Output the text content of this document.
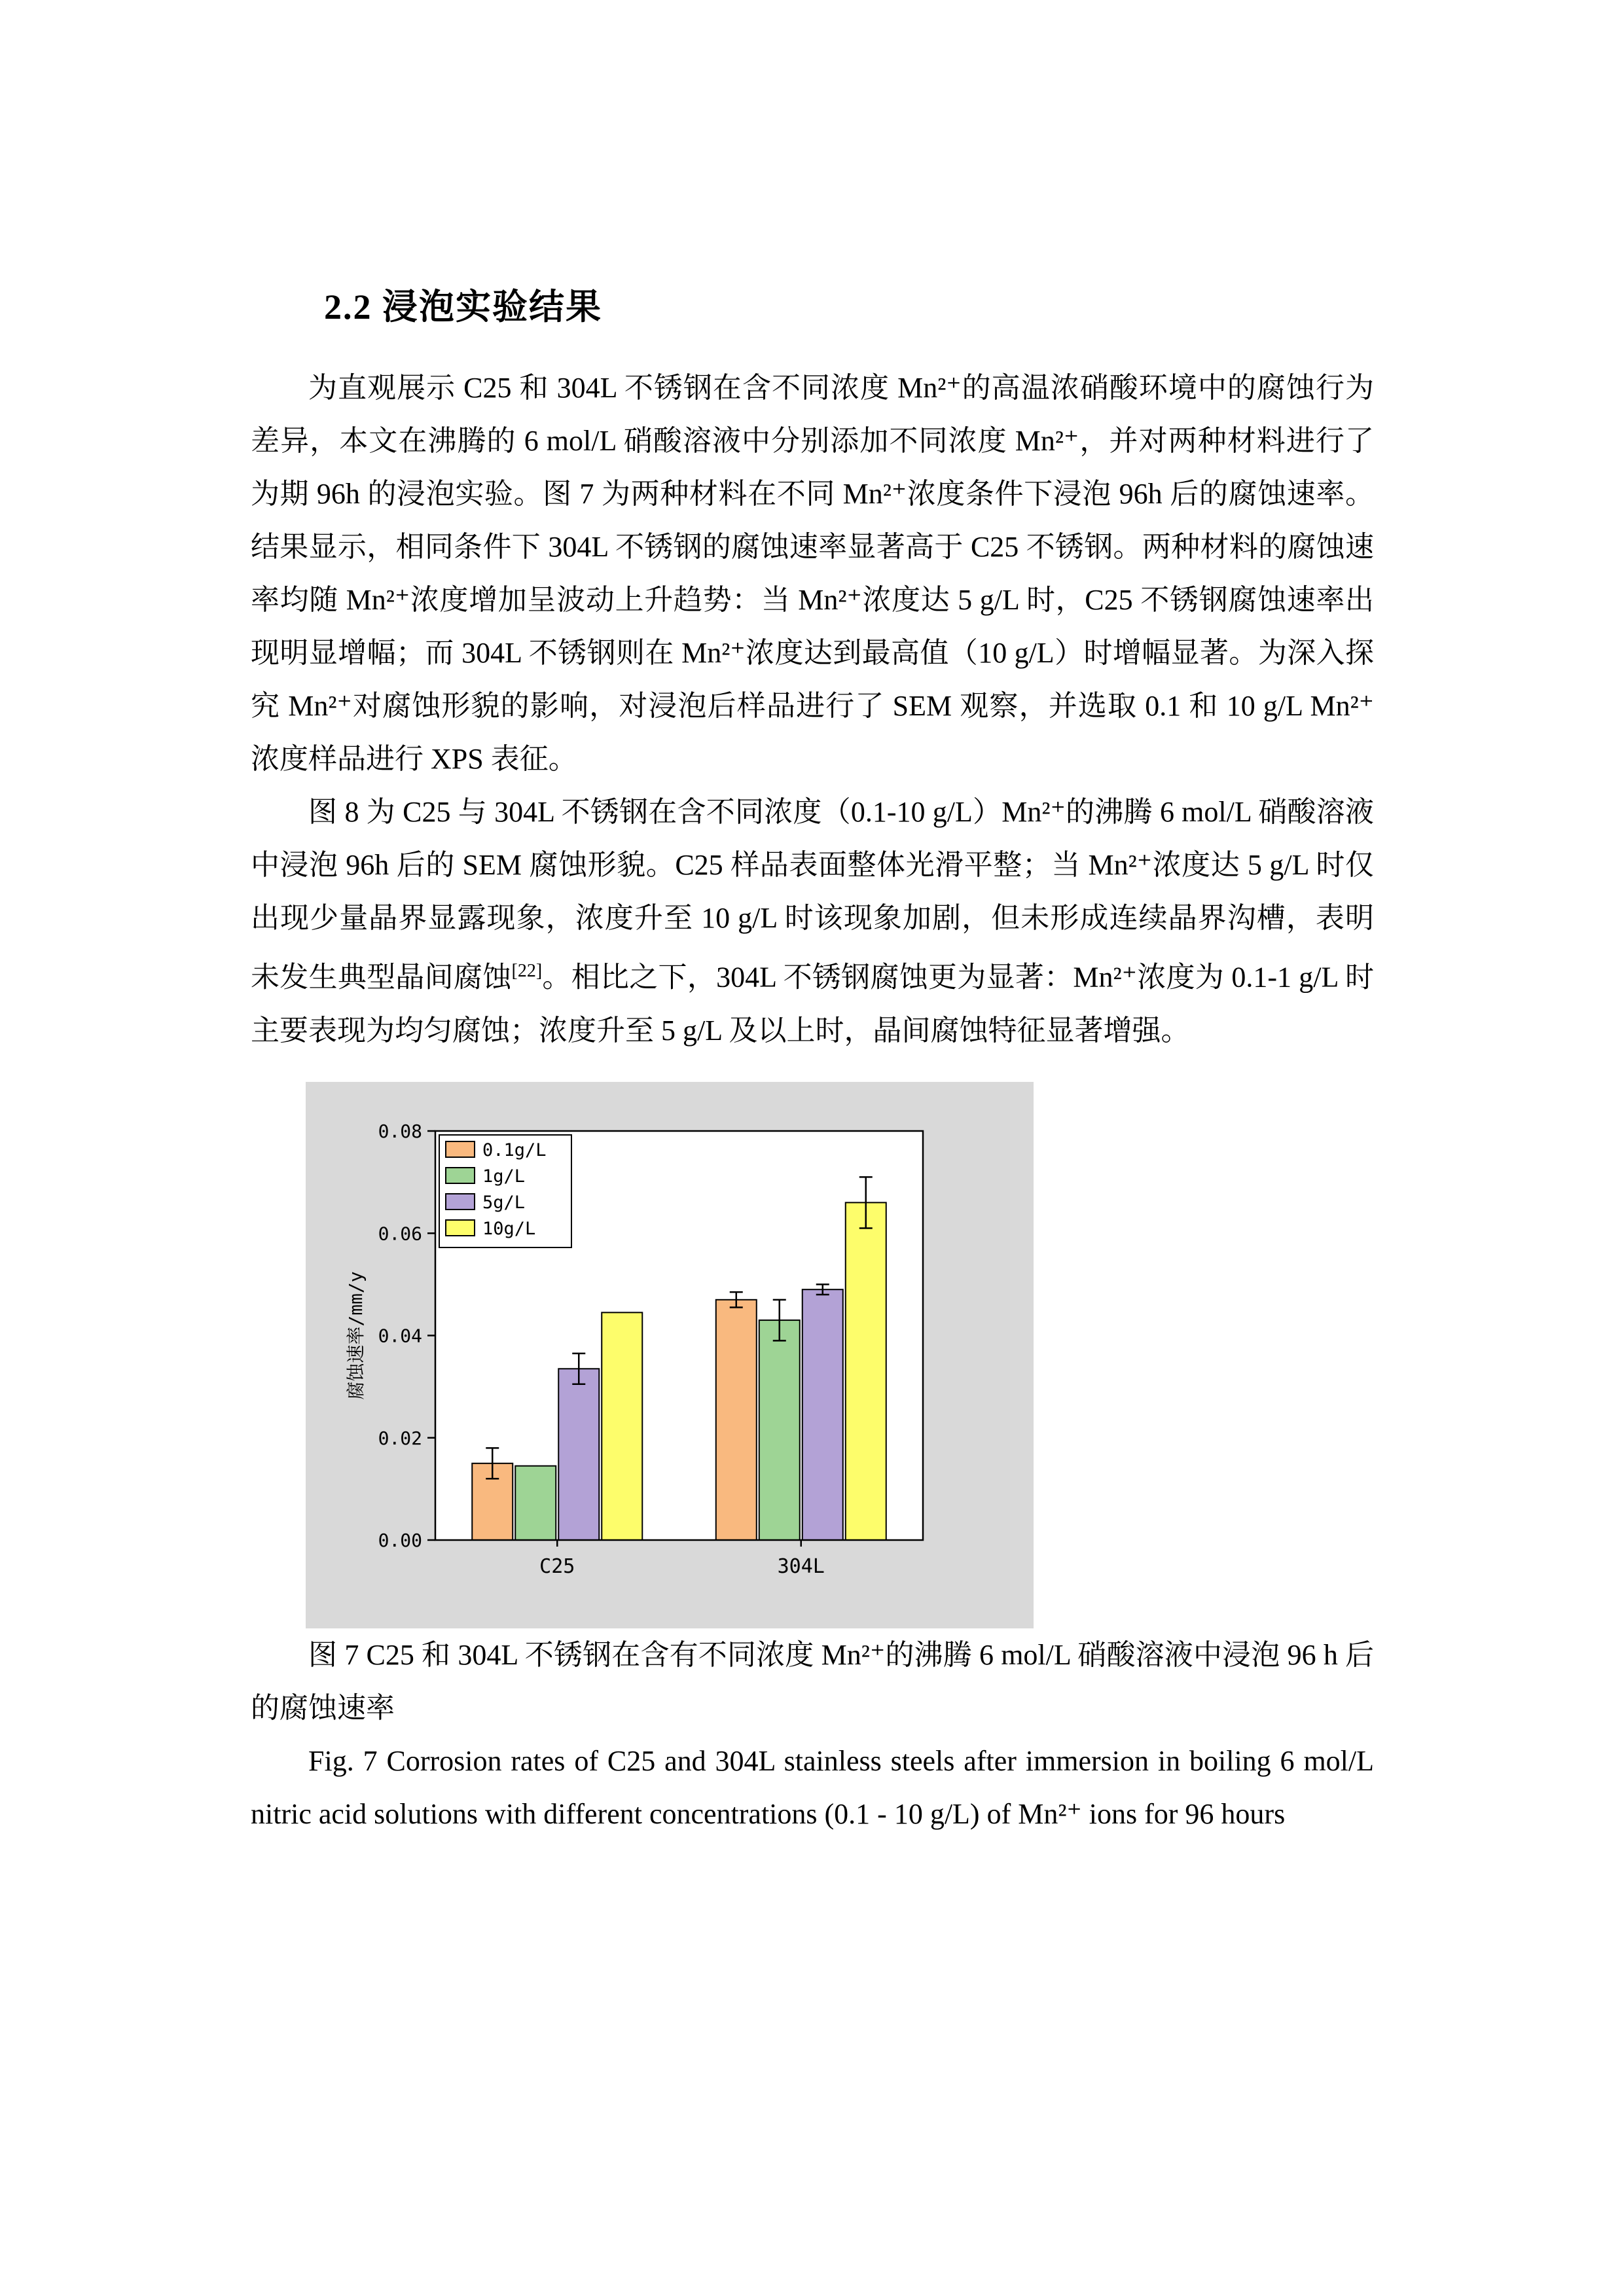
2.2 浸泡实验结果

为直观展示 C25 和 304L 不锈钢在含不同浓度 Mn²⁺的高温浓硝酸环境中的腐蚀行为差异，本文在沸腾的 6 mol/L 硝酸溶液中分别添加不同浓度 Mn²⁺，并对两种材料进行了为期 96h 的浸泡实验。图 7 为两种材料在不同 Mn²⁺浓度条件下浸泡 96h 后的腐蚀速率。结果显示，相同条件下 304L 不锈钢的腐蚀速率显著高于 C25 不锈钢。两种材料的腐蚀速率均随 Mn²⁺浓度增加呈波动上升趋势：当 Mn²⁺浓度达 5 g/L 时，C25 不锈钢腐蚀速率出现明显增幅；而 304L 不锈钢则在 Mn²⁺浓度达到最高值（10 g/L）时增幅显著。为深入探究 Mn²⁺对腐蚀形貌的影响，对浸泡后样品进行了 SEM 观察，并选取 0.1 和 10 g/L Mn²⁺浓度样品进行 XPS 表征。

图 8 为 C25 与 304L 不锈钢在含不同浓度（0.1-10 g/L）Mn²⁺的沸腾 6 mol/L 硝酸溶液中浸泡 96h 后的 SEM 腐蚀形貌。C25 样品表面整体光滑平整；当 Mn²⁺浓度达 5 g/L 时仅出现少量晶界显露现象，浓度升至 10 g/L 时该现象加剧，但未形成连续晶界沟槽，表明未发生典型晶间腐蚀[22]。相比之下，304L 不锈钢腐蚀更为显著：Mn²⁺浓度为 0.1-1 g/L 时主要表现为均匀腐蚀；浓度升至 5 g/L 及以上时，晶间腐蚀特征显著增强。

C25	304L
0.00
0.02
0.04
0.06
0.08
腐蚀速率/mm/y
0.1g/L
1g/L
5g/L
10g/L

图 7 C25 和 304L 不锈钢在含有不同浓度 Mn²⁺的沸腾 6 mol/L 硝酸溶液中浸泡 96 h 后的腐蚀速率

Fig. 7 Corrosion rates of C25 and 304L stainless steels after immersion in boiling 6 mol/L nitric acid solutions with different concentrations (0.1 - 10 g/L) of Mn²⁺ ions for 96 hours
